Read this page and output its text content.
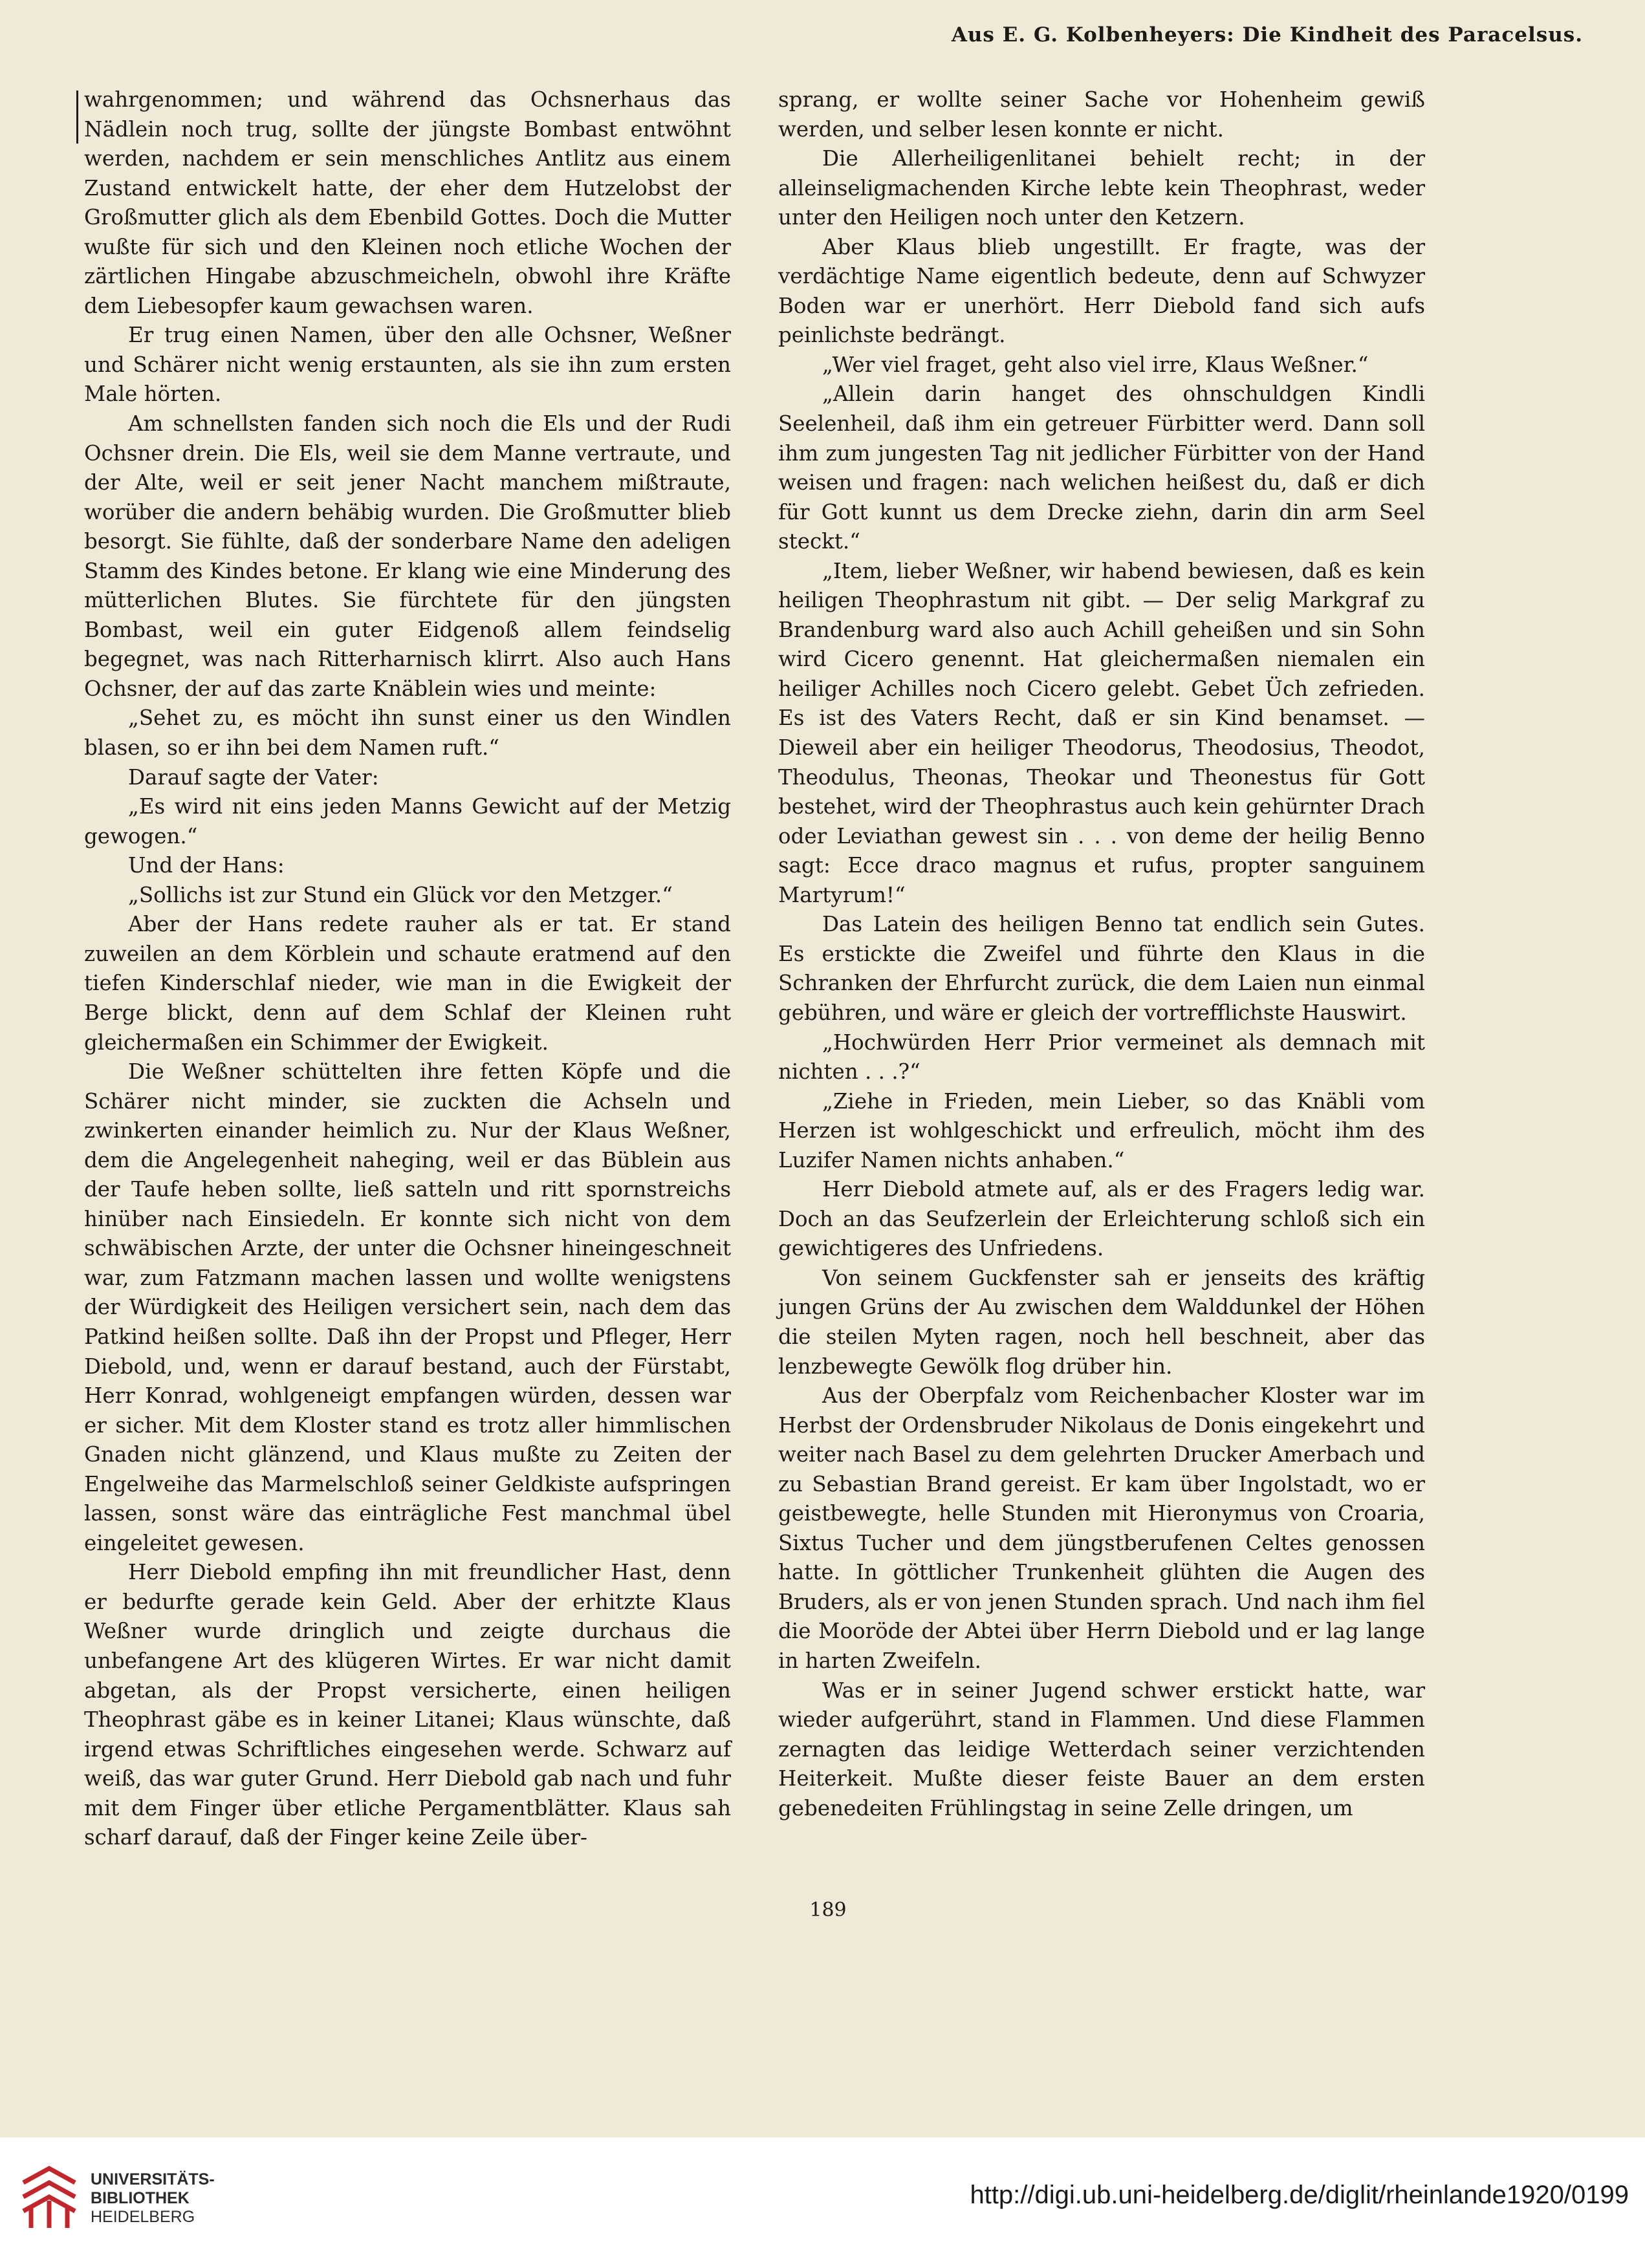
Aus E. G. Kolbenheyers: Die Kindheit des Paracelsus.

wahrgenommen; und während das Ochsnerhaus das Nädlein noch trug, sollte der jüngste Bombast entwöhnt werden, nachdem er sein menschliches Antlitz aus einem Zustand entwickelt hatte, der eher dem Hutzelobst der Großmutter glich als dem Ebenbild Gottes. Doch die Mutter wußte für sich und den Kleinen noch etliche Wochen der zärtlichen Hingabe abzuschmeicheln, obwohl ihre Kräfte dem Liebesopfer kaum gewachsen waren.

Er trug einen Namen, über den alle Ochsner, Weßner und Schärer nicht wenig erstaunten, als sie ihn zum ersten Male hörten.

Am schnellsten fanden sich noch die Els und der Rudi Ochsner drein. Die Els, weil sie dem Manne vertraute, und der Alte, weil er seit jener Nacht manchem mißtraute, worüber die andern behäbig wurden. Die Großmutter blieb besorgt. Sie fühlte, daß der sonderbare Name den adeligen Stamm des Kindes betone. Er klang wie eine Minderung des mütterlichen Blutes. Sie fürchtete für den jüngsten Bombast, weil ein guter Eidgenoß allem feindselig begegnet, was nach Ritterharnisch klirrt. Also auch Hans Ochsner, der auf das zarte Knäblein wies und meinte:

„Sehet zu, es möcht ihn sunst einer us den Windlen blasen, so er ihn bei dem Namen ruft.“

Darauf sagte der Vater:

„Es wird nit eins jeden Manns Gewicht auf der Metzig gewogen.“

Und der Hans:

„Sollichs ist zur Stund ein Glück vor den Metzger.“

Aber der Hans redete rauher als er tat. Er stand zuweilen an dem Körblein und schaute eratmend auf den tiefen Kinderschlaf nieder, wie man in die Ewigkeit der Berge blickt, denn auf dem Schlaf der Kleinen ruht gleichermaßen ein Schimmer der Ewigkeit.

Die Weßner schüttelten ihre fetten Köpfe und die Schärer nicht minder, sie zuckten die Achseln und zwinkerten einander heimlich zu. Nur der Klaus Weßner, dem die Angelegenheit naheging, weil er das Büblein aus der Taufe heben sollte, ließ satteln und ritt spornstreichs hinüber nach Einsiedeln. Er konnte sich nicht von dem schwäbischen Arzte, der unter die Ochsner hineingeschneit war, zum Fatzmann machen lassen und wollte wenigstens der Würdigkeit des Heiligen versichert sein, nach dem das Patkind heißen sollte. Daß ihn der Propst und Pfleger, Herr Diebold, und, wenn er darauf bestand, auch der Fürstabt, Herr Konrad, wohlgeneigt empfangen würden, dessen war er sicher. Mit dem Kloster stand es trotz aller himmlischen Gnaden nicht glänzend, und Klaus mußte zu Zeiten der Engelweihe das Marmelschloß seiner Geldkiste aufspringen lassen, sonst wäre das einträgliche Fest manchmal übel eingeleitet gewesen.

Herr Diebold empfing ihn mit freundlicher Hast, denn er bedurfte gerade kein Geld. Aber der erhitzte Klaus Weßner wurde dringlich und zeigte durchaus die unbefangene Art des klügeren Wirtes. Er war nicht damit abgetan, als der Propst versicherte, einen heiligen Theophrast gäbe es in keiner Litanei; Klaus wünschte, daß irgend etwas Schriftliches eingesehen werde. Schwarz auf weiß, das war guter Grund. Herr Diebold gab nach und fuhr mit dem Finger über etliche Pergamentblätter. Klaus sah scharf darauf, daß der Finger keine Zeile über-

sprang, er wollte seiner Sache vor Hohenheim gewiß werden, und selber lesen konnte er nicht.

Die Allerheiligenlitanei behielt recht; in der alleinseligmachenden Kirche lebte kein Theophrast, weder unter den Heiligen noch unter den Ketzern.

Aber Klaus blieb ungestillt. Er fragte, was der verdächtige Name eigentlich bedeute, denn auf Schwyzer Boden war er unerhört. Herr Diebold fand sich aufs peinlichste bedrängt.

„Wer viel fraget, geht also viel irre, Klaus Weßner.“

„Allein darin hanget des ohnschuldgen Kindli Seelenheil, daß ihm ein getreuer Fürbitter werd. Dann soll ihm zum jungesten Tag nit jedlicher Fürbitter von der Hand weisen und fragen: nach welichen heißest du, daß er dich für Gott kunnt us dem Drecke ziehn, darin din arm Seel steckt.“

„Item, lieber Weßner, wir habend bewiesen, daß es kein heiligen Theophrastum nit gibt. — Der selig Markgraf zu Brandenburg ward also auch Achill geheißen und sin Sohn wird Cicero genennt. Hat gleichermaßen niemalen ein heiliger Achilles noch Cicero gelebt. Gebet Üch zefrieden. Es ist des Vaters Recht, daß er sin Kind benamset. — Dieweil aber ein heiliger Theodorus, Theodosius, Theodot, Theodulus, Theonas, Theokar und Theonestus für Gott bestehet, wird der Theophrastus auch kein gehürnter Drach oder Leviathan gewest sin . . . von deme der heilig Benno sagt: Ecce draco magnus et rufus, propter sanguinem Martyrum!“

Das Latein des heiligen Benno tat endlich sein Gutes. Es erstickte die Zweifel und führte den Klaus in die Schranken der Ehrfurcht zurück, die dem Laien nun einmal gebühren, und wäre er gleich der vortrefflichste Hauswirt.

„Hochwürden Herr Prior vermeinet als demnach mit nichten . . .?“

„Ziehe in Frieden, mein Lieber, so das Knäbli vom Herzen ist wohlgeschickt und erfreulich, möcht ihm des Luzifer Namen nichts anhaben.“

Herr Diebold atmete auf, als er des Fragers ledig war. Doch an das Seufzerlein der Erleichterung schloß sich ein gewichtigeres des Unfriedens.

Von seinem Guckfenster sah er jenseits des kräftig jungen Grüns der Au zwischen dem Walddunkel der Höhen die steilen Myten ragen, noch hell beschneit, aber das lenzbewegte Gewölk flog drüber hin.

Aus der Oberpfalz vom Reichenbacher Kloster war im Herbst der Ordensbruder Nikolaus de Donis eingekehrt und weiter nach Basel zu dem gelehrten Drucker Amerbach und zu Sebastian Brand gereist. Er kam über Ingolstadt, wo er geistbewegte, helle Stunden mit Hieronymus von Croaria, Sixtus Tucher und dem jüngstberufenen Celtes genossen hatte. In göttlicher Trunkenheit glühten die Augen des Bruders, als er von jenen Stunden sprach. Und nach ihm fiel die Mooröde der Abtei über Herrn Diebold und er lag lange in harten Zweifeln.

Was er in seiner Jugend schwer erstickt hatte, war wieder aufgerührt, stand in Flammen. Und diese Flammen zernagten das leidige Wetterdach seiner verzichtenden Heiterkeit. Mußte dieser feiste Bauer an dem ersten gebenedeiten Frühlingstag in seine Zelle dringen, um

189
UNIVERSITÄTS-
BIBLIOTHEK
HEIDELBERG
http://digi.ub.uni-heidelberg.de/diglit/rheinlande1920/0199
